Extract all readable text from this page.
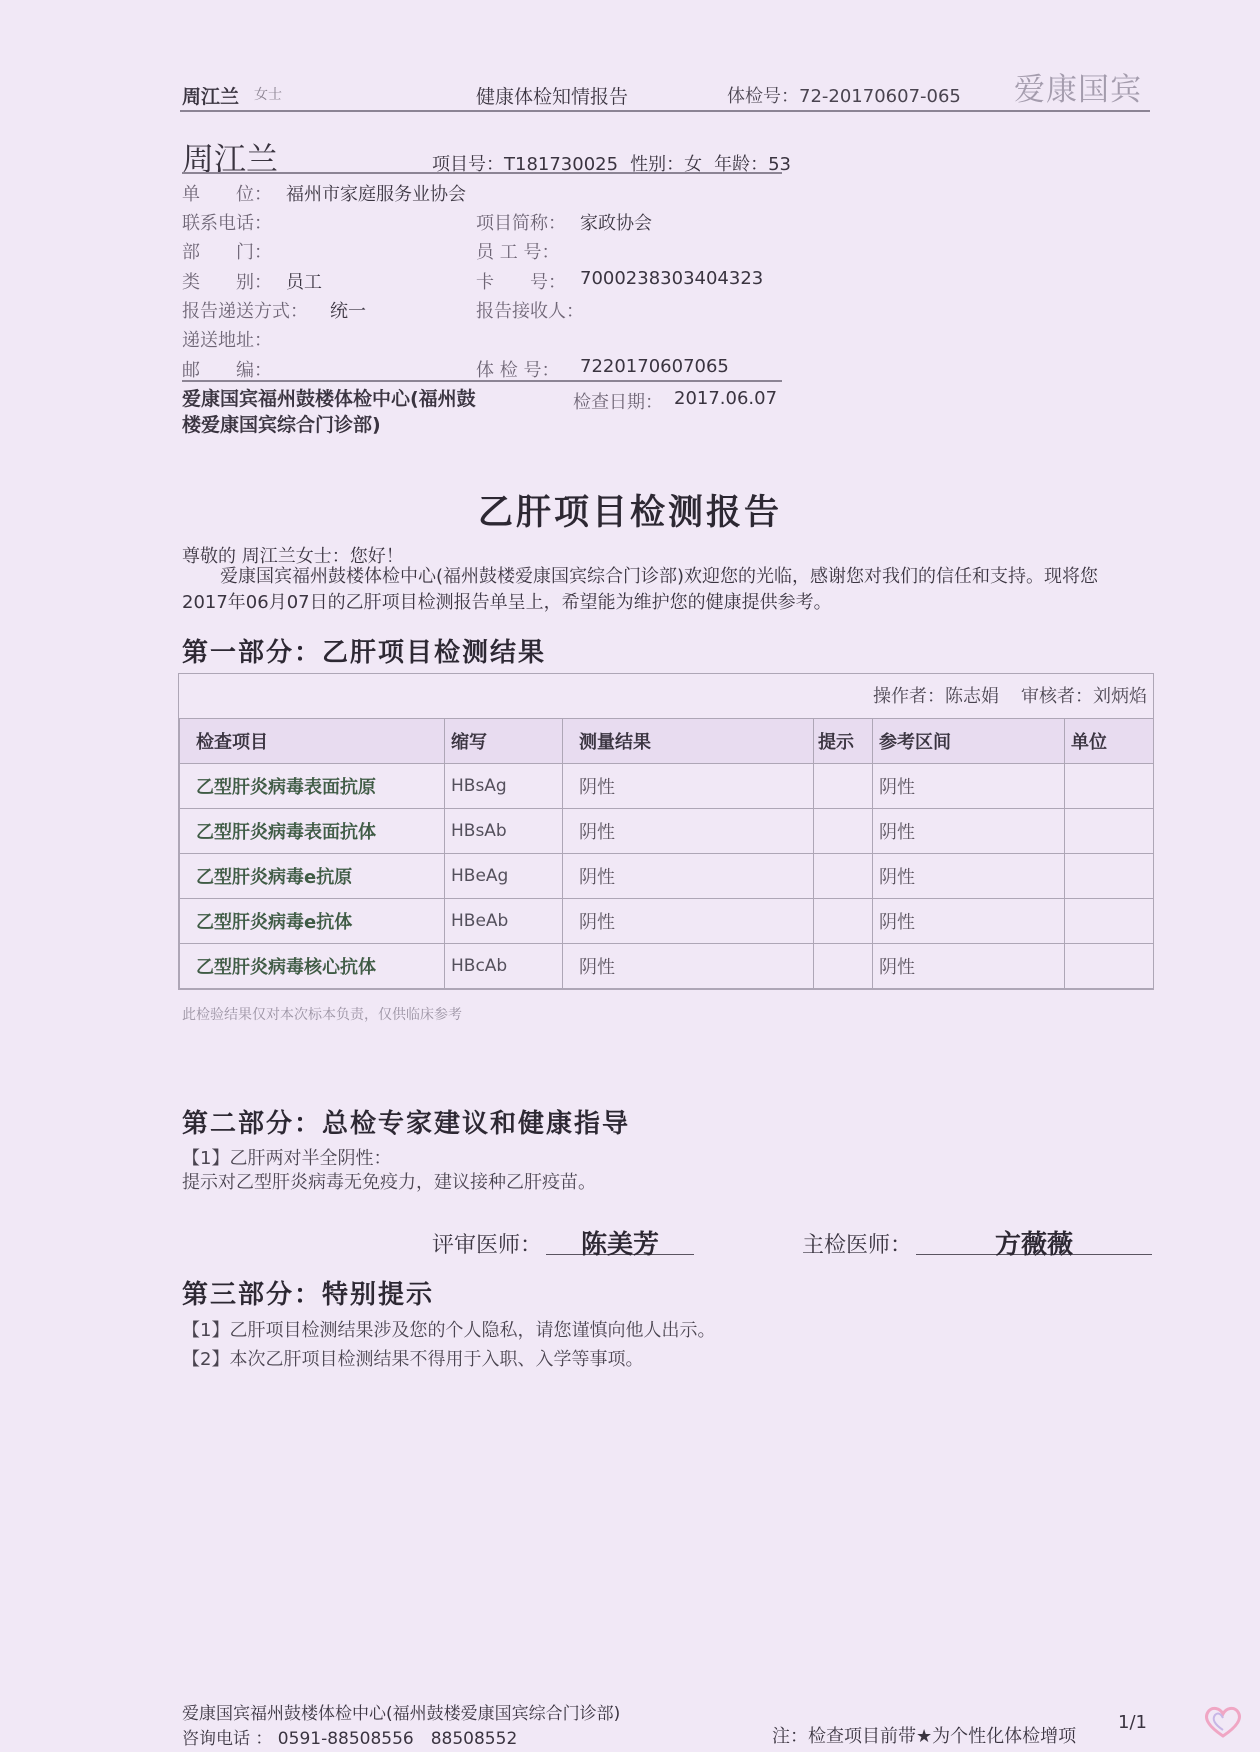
周江兰 女士	健康体检知情报告	体检号：72-20170607-065 爱康国宾
周江兰	项目号：T181730025 性别：女 年龄：53
单　　位： 福州市家庭服务业协会
联系电话：	项目简称： 家政协会
部　　门：	员 工 号：
类　　别： 员工	卡　　号： 7000238303404323
报告递送方式： 统一	报告接收人：
递送地址：
邮　　编：	体 检 号： 7220170607065
爱康国宾福州鼓楼体检中心(福州鼓楼爱康国宾综合门诊部)
检查日期： 2017.06.07
乙肝项目检测报告
尊敬的 周江兰女士：您好！
爱康国宾福州鼓楼体检中心(福州鼓楼爱康国宾综合门诊部)欢迎您的光临，感谢您对我们的信任和支持。现将您2017年06月07日的乙肝项目检测报告单呈上，希望能为维护您的健康提供参考。
第一部分：乙肝项目检测结果
操作者：陈志娟 审核者：刘炳焰
检查项目	缩写	测量结果	提示	参考区间	单位
乙型肝炎病毒表面抗原	HBsAg	阴性		阴性	
乙型肝炎病毒表面抗体	HBsAb	阴性		阴性	
乙型肝炎病毒e抗原	HBeAg	阴性		阴性	
乙型肝炎病毒e抗体	HBeAb	阴性		阴性	
乙型肝炎病毒核心抗体	HBcAb	阴性		阴性	
此检验结果仅对本次标本负责，仅供临床参考
第二部分：总检专家建议和健康指导
【1】乙肝两对半全阴性：
提示对乙型肝炎病毒无免疫力，建议接种乙肝疫苗。
评审医师：	陈美芳	主检医师：	方薇薇
第三部分：特别提示
【1】乙肝项目检测结果涉及您的个人隐私，请您谨慎向他人出示。
【2】本次乙肝项目检测结果不得用于入职、入学等事项。
爱康国宾福州鼓楼体检中心(福州鼓楼爱康国宾综合门诊部)
咨询电话 ： 0591-88508556　88508552	注：检查项目前带★为个性化体检增项
1/1
